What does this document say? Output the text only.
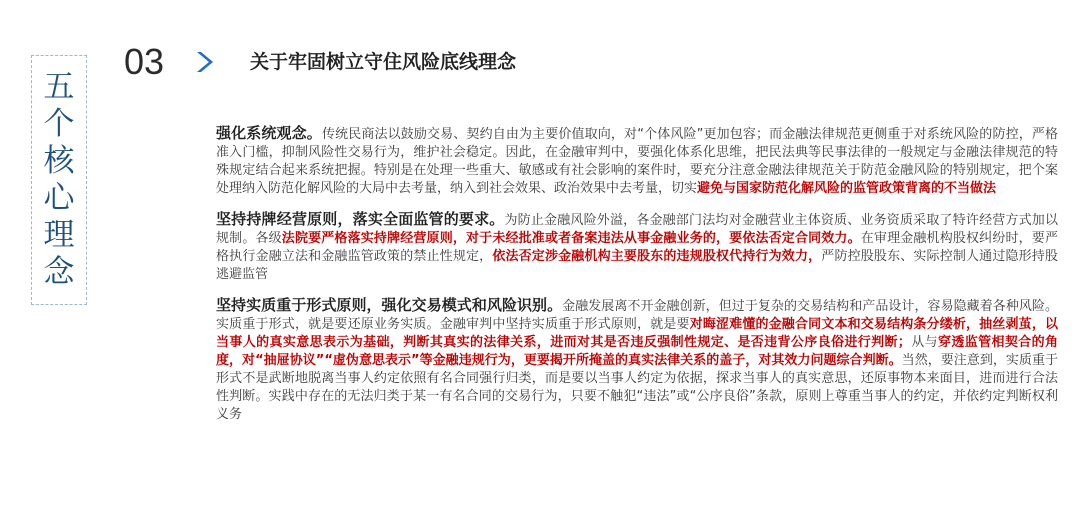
五
个
核
心
理
念
03	关于牢固树立守住风险底线理念

强化系统观念。传统民商法以鼓励交易、契约自由为主要价值取向，对“个体风险”更加包容；而金融法律规范更侧重于对系统风险的防控，严格准入门槛，抑制风险性交易行为，维护社会稳定。因此，在金融审判中，要强化体系化思维，把民法典等民事法律的一般规定与金融法律规范的特殊规定结合起来系统把握。特别是在处理一些重大、敏感或有社会影响的案件时，要充分注意金融法律规范关于防范金融风险的特别规定，把个案处理纳入防范化解风险的大局中去考量，纳入到社会效果、政治效果中去考量，切实避免与国家防范化解风险的监管政策背离的不当做法

坚持持牌经营原则，落实全面监管的要求。为防止金融风险外溢，各金融部门法均对金融营业主体资质、业务资质采取了特许经营方式加以规制。各级法院要严格落实持牌经营原则，对于未经批准或者备案违法从事金融业务的，要依法否定合同效力。在审理金融机构股权纠纷时，要严格执行金融立法和金融监管政策的禁止性规定，依法否定涉金融机构主要股东的违规股权代持行为效力，严防控股股东、实际控制人通过隐形持股逃避监管

坚持实质重于形式原则，强化交易模式和风险识别。金融发展离不开金融创新，但过于复杂的交易结构和产品设计，容易隐藏着各种风险。实质重于形式，就是要还原业务实质。金融审判中坚持实质重于形式原则，就是要对晦涩难懂的金融合同文本和交易结构条分缕析，抽丝剥茧，以当事人的真实意思表示为基础，判断其真实的法律关系，进而对其是否违反强制性规定、是否违背公序良俗进行判断；从与穿透监管相契合的角度，对“抽屉协议”“虚伪意思表示”等金融违规行为，更要揭开所掩盖的真实法律关系的盖子，对其效力问题综合判断。当然，要注意到，实质重于形式不是武断地脱离当事人约定依照有名合同强行归类，而是要以当事人约定为依据，探求当事人的真实意思，还原事物本来面目，进而进行合法性判断。实践中存在的无法归类于某一有名合同的交易行为，只要不触犯“违法”或“公序良俗”条款，原则上尊重当事人的约定，并依约定判断权利义务
